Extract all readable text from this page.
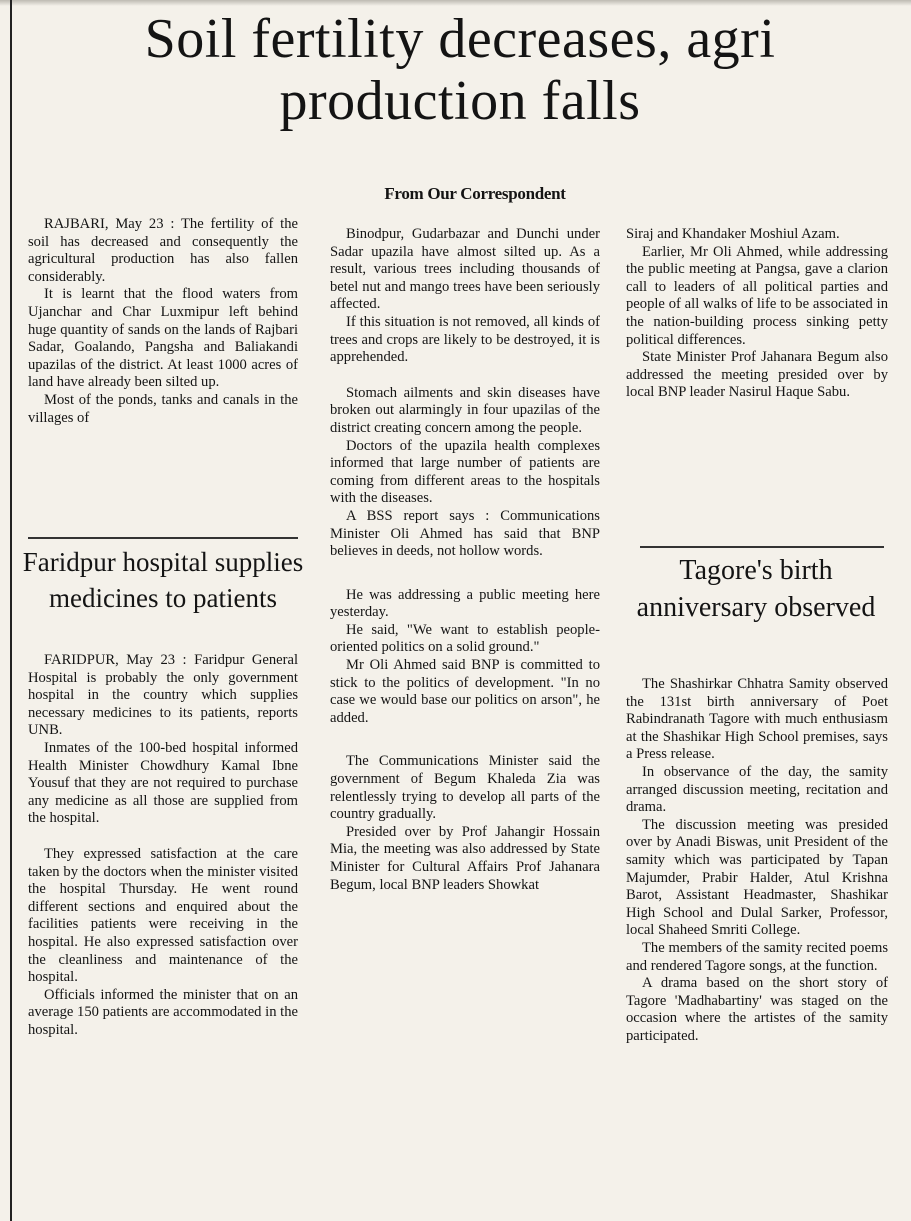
Soil fertility decreases, agri production falls
From Our Correspondent

RAJBARI, May 23 : The fertility of the soil has decreased and consequently the agricultural production has also fallen considerably.

It is learnt that the flood waters from Ujanchar and Char Luxmipur left behind huge quantity of sands on the lands of Rajbari Sadar, Goalando, Pangsha and Baliakandi upazilas of the district. At least 1000 acres of land have already been silted up.

Most of the ponds, tanks and canals in the villages of

Faridpur hospital supplies medicines to patients

FARIDPUR, May 23 : Faridpur General Hospital is probably the only government hospital in the country which supplies necessary medicines to its patients, reports UNB.

Inmates of the 100-bed hospital informed Health Minister Chowdhury Kamal Ibne Yousuf that they are not required to purchase any medicine as all those are supplied from the hospital.

They expressed satisfaction at the care taken by the doctors when the minister visited the hospital Thursday. He went round different sections and enquired about the facilities patients were receiving in the hospital. He also expressed satisfaction over the cleanliness and maintenance of the hospital.

Officials informed the minister that on an average 150 patients are accommodated in the hospital.

Binodpur, Gudarbazar and Dunchi under Sadar upazila have almost silted up. As a result, various trees including thousands of betel nut and mango trees have been seriously affected.

If this situation is not removed, all kinds of trees and crops are likely to be destroyed, it is apprehended.

Stomach ailments and skin diseases have broken out alarmingly in four upazilas of the district creating concern among the people.

Doctors of the upazila health complexes informed that large number of patients are coming from different areas to the hospitals with the diseases.

A BSS report says : Communications Minister Oli Ahmed has said that BNP believes in deeds, not hollow words.

He was addressing a public meeting here yesterday.

He said, "We want to establish people-oriented politics on a solid ground."

Mr Oli Ahmed said BNP is committed to stick to the politics of development. "In no case we would base our politics on arson", he added.

The Communications Minister said the government of Begum Khaleda Zia was relentlessly trying to develop all parts of the country gradually.

Presided over by Prof Jahangir Hossain Mia, the meeting was also addressed by State Minister for Cultural Affairs Prof Jahanara Begum, local BNP leaders Showkat

Siraj and Khandaker Moshiul Azam.

Earlier, Mr Oli Ahmed, while addressing the public meeting at Pangsa, gave a clarion call to leaders of all political parties and people of all walks of life to be associated in the nation-building process sinking petty political differences.

State Minister Prof Jahanara Begum also addressed the meeting presided over by local BNP leader Nasirul Haque Sabu.

Tagore's birth anniversary observed

The Shashirkar Chhatra Samity observed the 131st birth anniversary of Poet Rabindranath Tagore with much enthusiasm at the Shashikar High School premises, says a Press release.

In observance of the day, the samity arranged discussion meeting, recitation and drama.

The discussion meeting was presided over by Anadi Biswas, unit President of the samity which was participated by Tapan Majumder, Prabir Halder, Atul Krishna Barot, Assistant Headmaster, Shashikar High School and Dulal Sarker, Professor, local Shaheed Smriti College.

The members of the samity recited poems and rendered Tagore songs, at the function.

A drama based on the short story of Tagore 'Madhabartiny' was staged on the occasion where the artistes of the samity participated.
